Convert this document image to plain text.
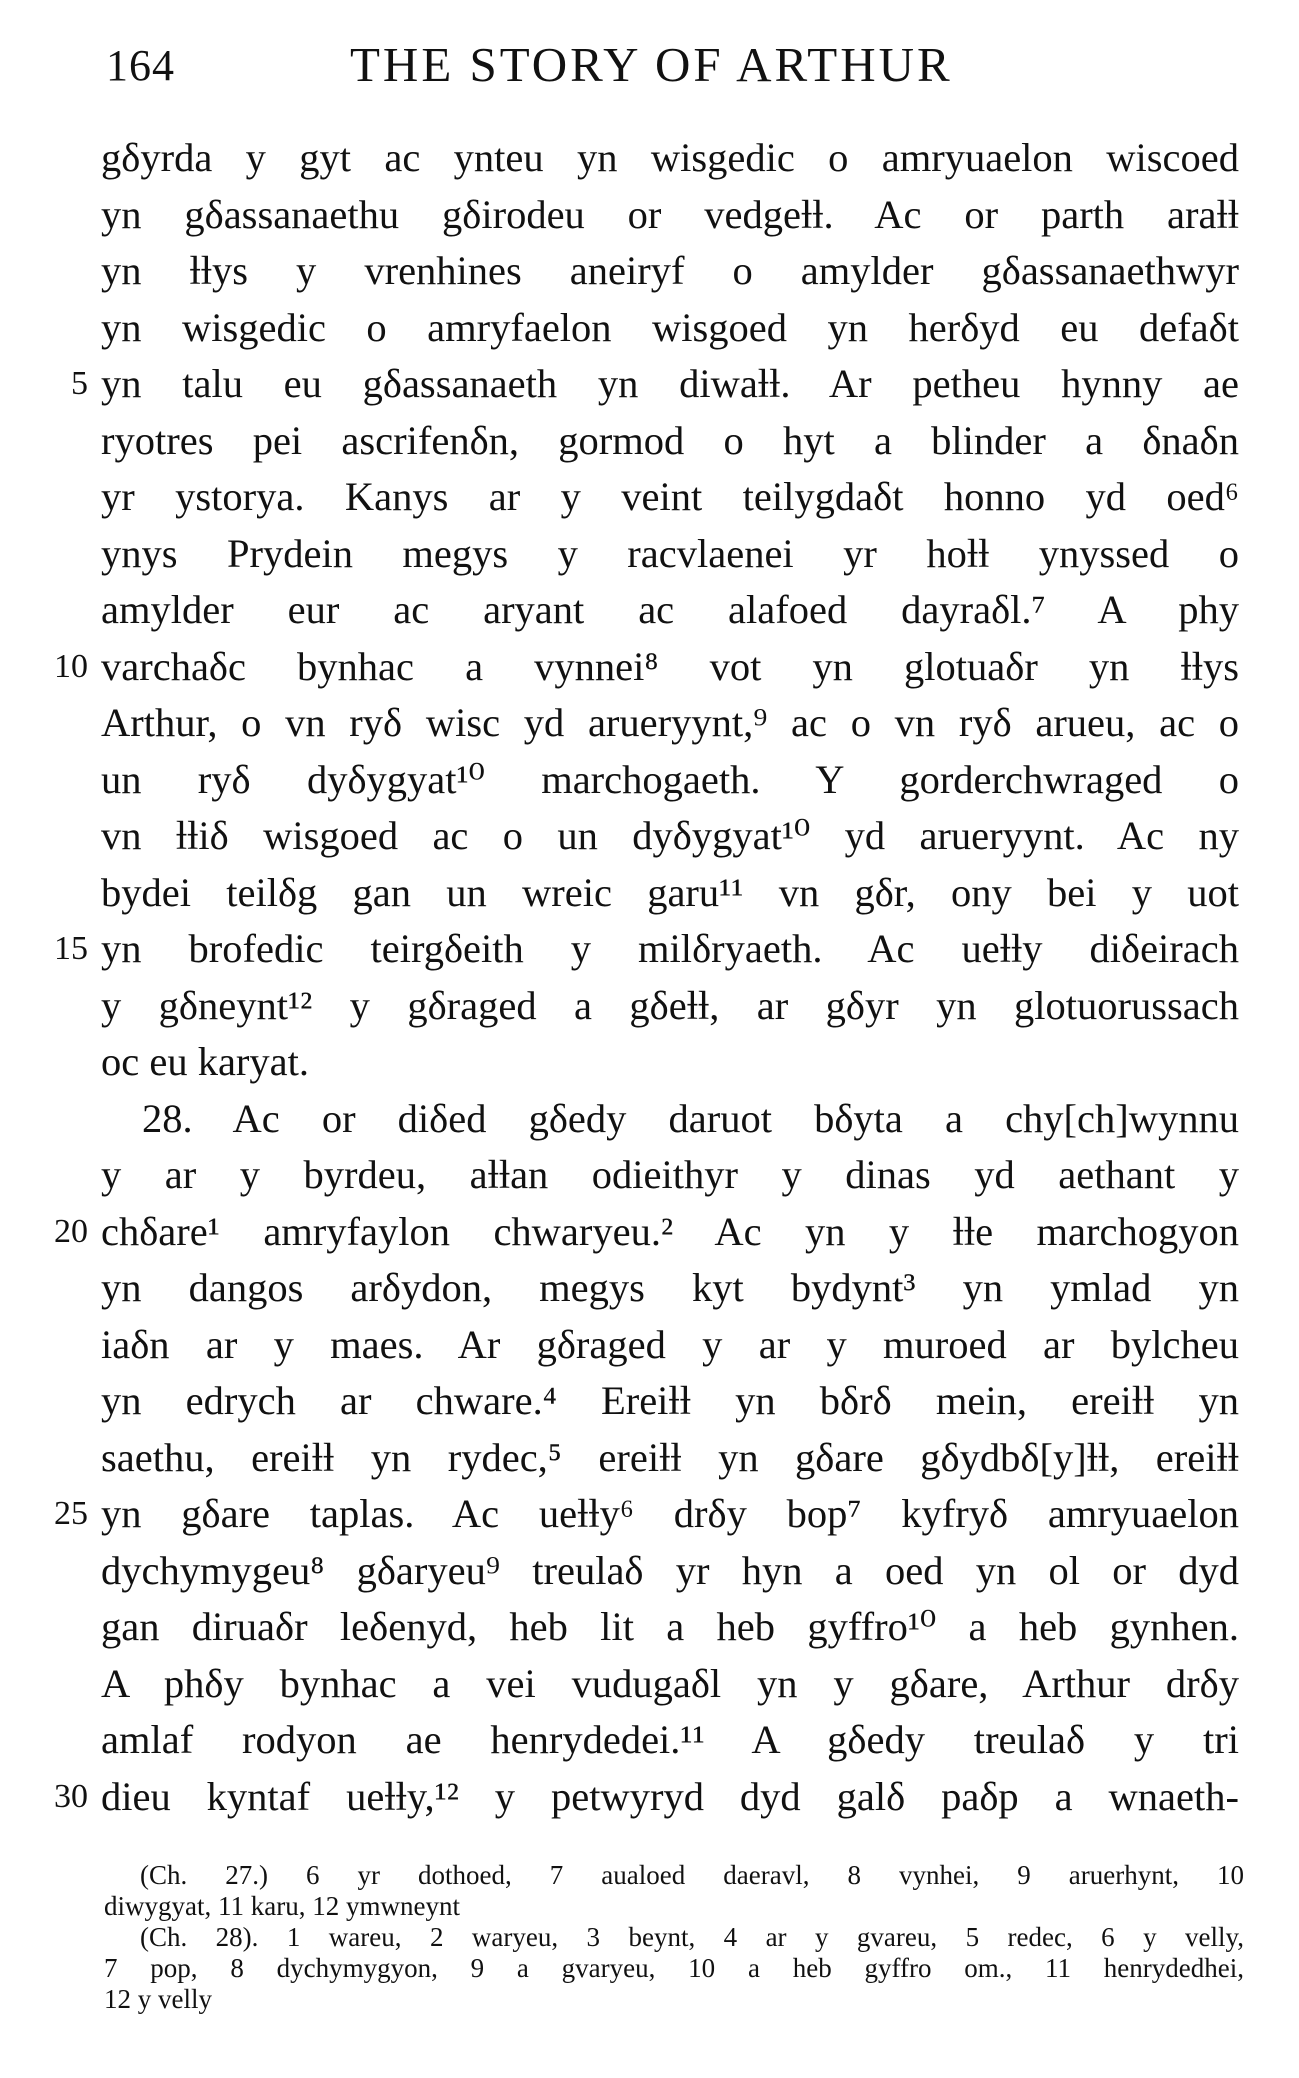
164	THE STORY OF ARTHUR
gδyrda y gyt ac ynteu yn wisgedic o amryuaelon wiscoed
yn gδassanaethu gδirodeu or vedgeƚƚ. Ac or parth araƚƚ
yn ƚƚys y vrenhines aneiryf o amylder gδassanaethwyr
yn wisgedic o amryfaelon wisgoed yn herδyd eu defaδt
5 yn talu eu gδassanaeth yn diwaƚƚ. Ar petheu hynny ae
ryotres pei ascrifenδn, gormod o hyt a blinder a δnaδn
yr ystorya. Kanys ar y veint teilygdaδt honno yd oed⁶
ynys Prydein megys y racvlaenei yr hoƚƚ ynyssed o
amylder eur ac aryant ac alafoed dayraδl.⁷ A phy
10 varchaδc bynhac a vynnei⁸ vot yn glotuaδr yn ƚƚys
Arthur, o vn ryδ wisc yd arueryynt,⁹ ac o vn ryδ arueu, ac o
un ryδ dyδygyat¹⁰ marchogaeth. Y gorderchwraged o
vn ƚƚiδ wisgoed ac o un dyδygyat¹⁰ yd arueryynt. Ac ny
bydei teilδg gan un wreic garu¹¹ vn gδr, ony bei y uot
15 yn brofedic teirgδeith y milδryaeth. Ac ueƚƚy diδeirach
y gδneynt¹² y gδraged a gδeƚƚ, ar gδyr yn glotuorussach
oc eu karyat.
28. Ac or diδed gδedy daruot bδyta a chy[ch]wynnu
y ar y byrdeu, aƚƚan odieithyr y dinas yd aethant y
20 chδare¹ amryfaylon chwaryeu.² Ac yn y ƚƚe marchogyon
yn dangos arδydon, megys kyt bydynt³ yn ymlad yn
iaδn ar y maes. Ar gδraged y ar y muroed ar bylcheu
yn edrych ar chware.⁴ Ereiƚƚ yn bδrδ mein, ereiƚƚ yn
saethu, ereiƚƚ yn rydec,⁵ ereiƚƚ yn gδare gδydbδ[y]ƚƚ, ereiƚƚ
25 yn gδare taplas. Ac ueƚƚy⁶ drδy bop⁷ kyfryδ amryuaelon
dychymygeu⁸ gδaryeu⁹ treulaδ yr hyn a oed yn ol or dyd
gan diruaδr leδenyd, heb lit a heb gyffro¹⁰ a heb gynhen.
A phδy bynhac a vei vudugaδl yn y gδare, Arthur drδy
amlaf rodyon ae henrydedei.¹¹ A gδedy treulaδ y tri
30 dieu kyntaf ueƚƚy,¹² y petwyryd dyd galδ paδp a wnaeth-
(Ch. 27.) 6 yr dothoed, 7 aualoed daeravl, 8 vynhei, 9 aruerhynt, 10
diwygyat, 11 karu, 12 ymwneynt
(Ch. 28). 1 wareu, 2 waryeu, 3 beynt, 4 ar y gvareu, 5 redec, 6 y velly,
7 pop, 8 dychymygyon, 9 a gvaryeu, 10 a heb gyffro om., 11 henrydedhei,
12 y velly
